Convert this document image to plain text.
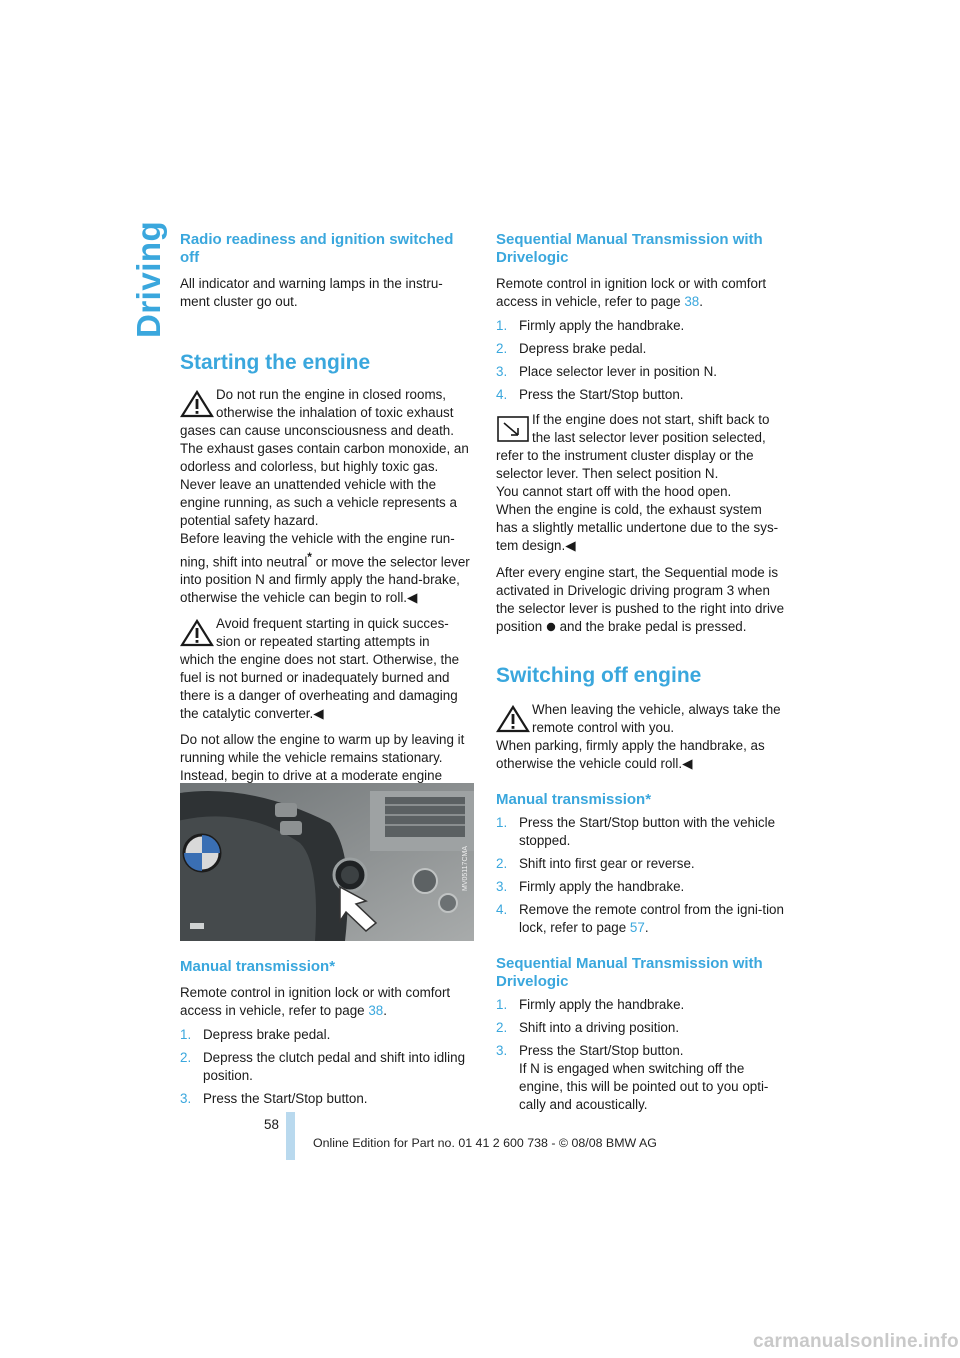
Driving Radio readiness and ignition switched off

All indicator and warning lamps in the instru-ment cluster go out.

Starting the engine

Do not run the engine in closed rooms,

otherwise the inhalation of toxic exhaust

gases can cause unconsciousness and death. The exhaust gases contain carbon monoxide, an odorless and colorless, but highly toxic gas. Never leave an unattended vehicle with the engine running, as such a vehicle represents a potential safety hazard.

Before leaving the vehicle with the engine run-ning, shift into neutral* or move the selector lever into position N and firmly apply the hand-brake, otherwise the vehicle can begin to roll.◀

Avoid frequent starting in quick succes-

sion or repeated starting attempts in

which the engine does not start. Otherwise, the fuel is not burned or inadequately burned and there is a danger of overheating and damaging the catalytic converter.◀

Do not allow the engine to warm up by leaving it running while the vehicle remains stationary. Instead, begin to drive at a moderate engine

MV05117CMA
Manual transmission*

Remote control in ignition lock or with comfort access in vehicle, refer to page 38.

1. Depress brake pedal.
2. Depress the clutch pedal and shift into idling position.
3. Press the Start/Stop button.
Sequential Manual Transmission with Drivelogic

Remote control in ignition lock or with comfort access in vehicle, refer to page 38.

1. Firmly apply the handbrake.
2. Depress brake pedal.
3. Place selector lever in position N.
4. Press the Start/Stop button.

If the engine does not start, shift back to

the last selector lever position selected,

refer to the instrument cluster display or the selector lever. Then select position N.

You cannot start off with the hood open.

When the engine is cold, the exhaust system has a slightly metallic undertone due to the sys-tem design.◀

After every engine start, the Sequential mode is activated in Drivelogic driving program 3 when the selector lever is pushed to the right into drive position  and the brake pedal is pressed.

Switching off engine

When leaving the vehicle, always take the

remote control with you.

When parking, firmly apply the handbrake, as otherwise the vehicle could roll.◀

Manual transmission*
1. Press the Start/Stop button with the vehicle stopped.
2. Shift into first gear or reverse.
3. Firmly apply the handbrake.
4. Remove the remote control from the igni-tion lock, refer to page 57.
Sequential Manual Transmission with Drivelogic
1. Firmly apply the handbrake.
2. Shift into a driving position.
3. Press the Start/Stop button.
If N is engaged when switching off the engine, this will be pointed out to you opti-cally and acoustically.
58
Online Edition for Part no. 01 41 2 600 738 - © 08/08 BMW AG
carmanualsonline.info
